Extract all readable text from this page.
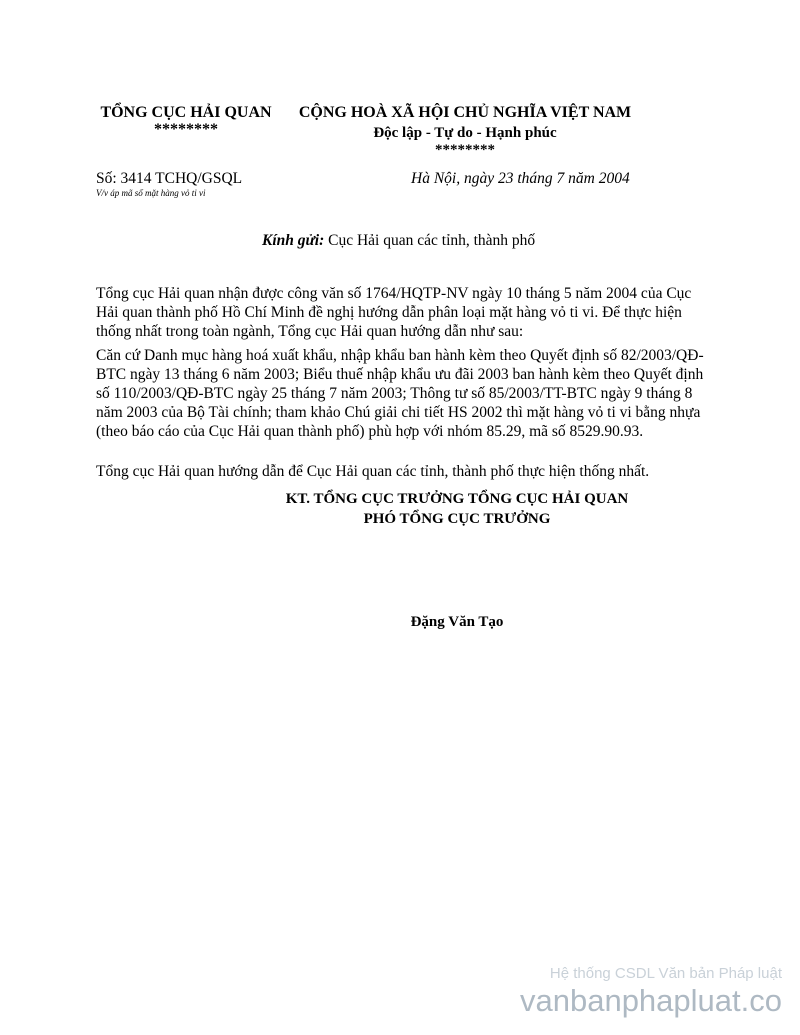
TỔNG CỤC HẢI QUAN
********
CỘNG HOÀ XÃ HỘI CHỦ NGHĨA VIỆT NAM
Độc lập - Tự do - Hạnh phúc
********
Số: 3414 TCHQ/GSQL
V/v áp mã số mặt hàng vỏ ti vi
Hà Nội, ngày 23 tháng 7 năm 2004
Kính gửi: Cục Hải quan các tỉnh, thành phố
Tổng cục Hải quan nhận được công văn số 1764/HQTP-NV ngày 10 tháng 5 năm 2004 của Cục Hải quan thành phố Hồ Chí Minh đề nghị hướng dẫn phân loại mặt hàng vỏ ti vi. Để thực hiện thống nhất trong toàn ngành, Tổng cục Hải quan hướng dẫn như sau:
Căn cứ Danh mục hàng hoá xuất khẩu, nhập khẩu ban hành kèm theo Quyết định số 82/2003/QĐ-BTC ngày 13 tháng 6 năm 2003; Biểu thuế nhập khẩu ưu đãi 2003 ban hành kèm theo Quyết định số 110/2003/QĐ-BTC ngày 25 tháng 7 năm 2003; Thông tư số 85/2003/TT-BTC ngày 9 tháng 8 năm 2003 của Bộ Tài chính; tham khảo Chú giải chi tiết HS 2002 thì mặt hàng vỏ ti vi bằng nhựa (theo báo cáo của Cục Hải quan thành phố) phù hợp với nhóm 85.29, mã số 8529.90.93.
Tổng cục Hải quan hướng dẫn để Cục Hải quan các tỉnh, thành phố thực hiện thống nhất.
KT. TỔNG CỤC TRƯỞNG TỔNG CỤC HẢI QUAN
PHÓ TỔNG CỤC TRƯỞNG
Đặng Văn Tạo
Hệ thống CSDL Văn bản Pháp luật
vanbanphapluat.co
